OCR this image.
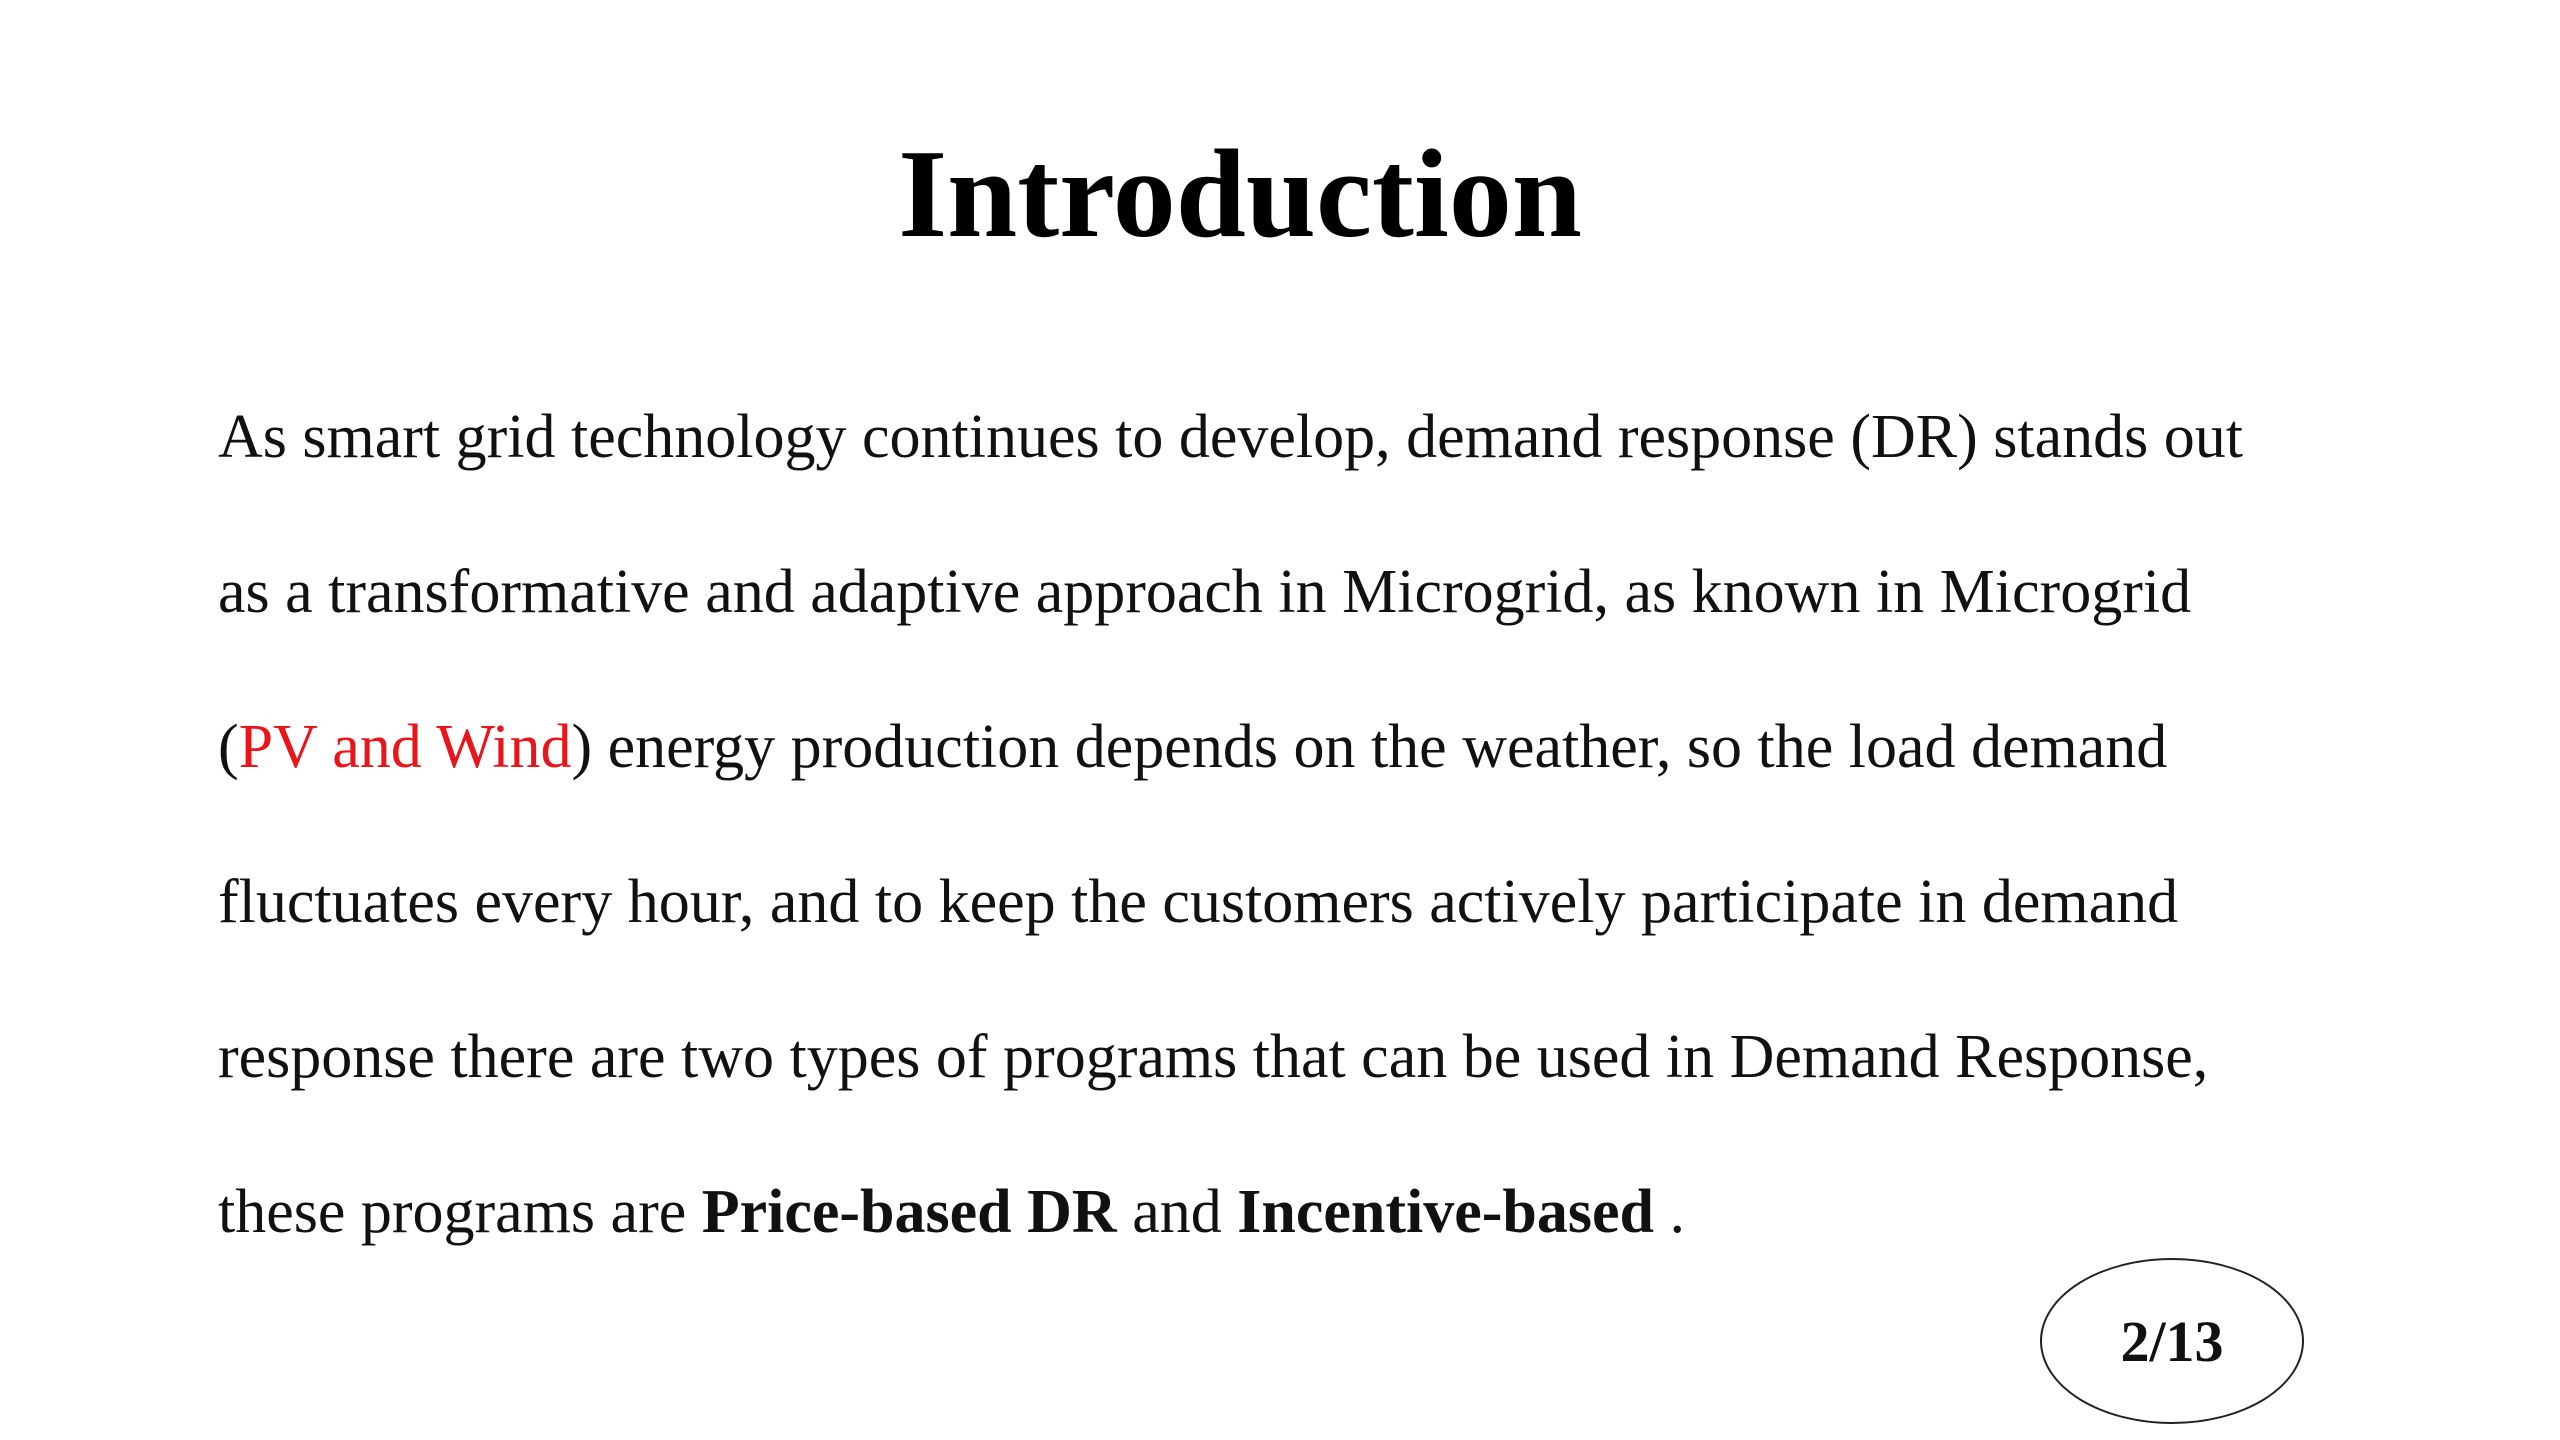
Introduction
As smart grid technology continues to develop, demand response (DR) stands out
as a transformative and adaptive approach in Microgrid, as known in Microgrid
(PV and Wind) energy production depends on the weather, so the load demand
fluctuates every hour, and to keep the customers actively participate in demand
response there are two types of programs that can be used in Demand Response,
these programs are Price-based DR and Incentive-based .
2/13
